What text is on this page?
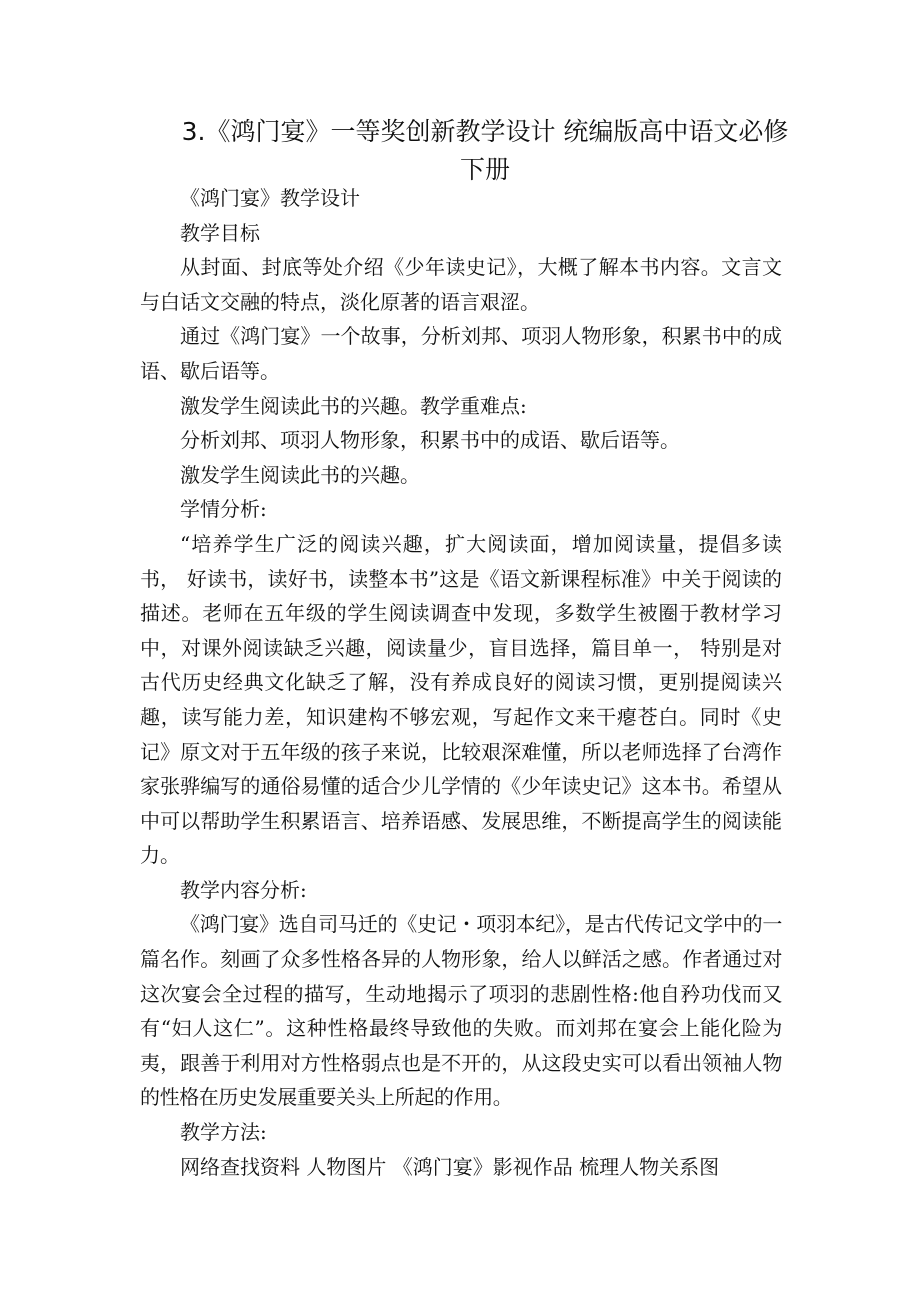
3.《鸿门宴》一等奖创新教学设计 统编版高中语文必修
下册

《鸿门宴》教学设计

教学目标

从封面、封底等处介绍《少年读史记》，大概了解本书内容。文言文与白话文交融的特点，淡化原著的语言艰涩。

通过《鸿门宴》一个故事，分析刘邦、项羽人物形象，积累书中的成语、歇后语等。

激发学生阅读此书的兴趣。教学重难点:

分析刘邦、项羽人物形象，积累书中的成语、歇后语等。

激发学生阅读此书的兴趣。

学情分析:

“培养学生广泛的阅读兴趣，扩大阅读面，增加阅读量，提倡多读书， 好读书，读好书，读整本书”这是《语文新课程标准》中关于阅读的描述。老师在五年级的学生阅读调查中发现，多数学生被圈于教材学习中，对课外阅读缺乏兴趣，阅读量少，盲目选择，篇目单一， 特别是对古代历史经典文化缺乏了解，没有养成良好的阅读习惯，更别提阅读兴趣，读写能力差，知识建构不够宏观，写起作文来干瘪苍白。同时《史记》原文对于五年级的孩子来说，比较艰深难懂，所以老师选择了台湾作家张骅编写的通俗易懂的适合少儿学情的《少年读史记》这本书。希望从中可以帮助学生积累语言、培养语感、发展思维，不断提高学生的阅读能力。

教学内容分析:

《鸿门宴》选自司马迁的《史记・项羽本纪》，是古代传记文学中的一篇名作。刻画了众多性格各异的人物形象，给人以鲜活之感。作者通过对这次宴会全过程的描写，生动地揭示了项羽的悲剧性格:他自矜功伐而又有“妇人这仁”。这种性格最终导致他的失败。而刘邦在宴会上能化险为夷，跟善于利用对方性格弱点也是不开的，从这段史实可以看出领袖人物的性格在历史发展重要关头上所起的作用。

教学方法:

网络查找资料 人物图片 《鸿门宴》影视作品 梳理人物关系图
